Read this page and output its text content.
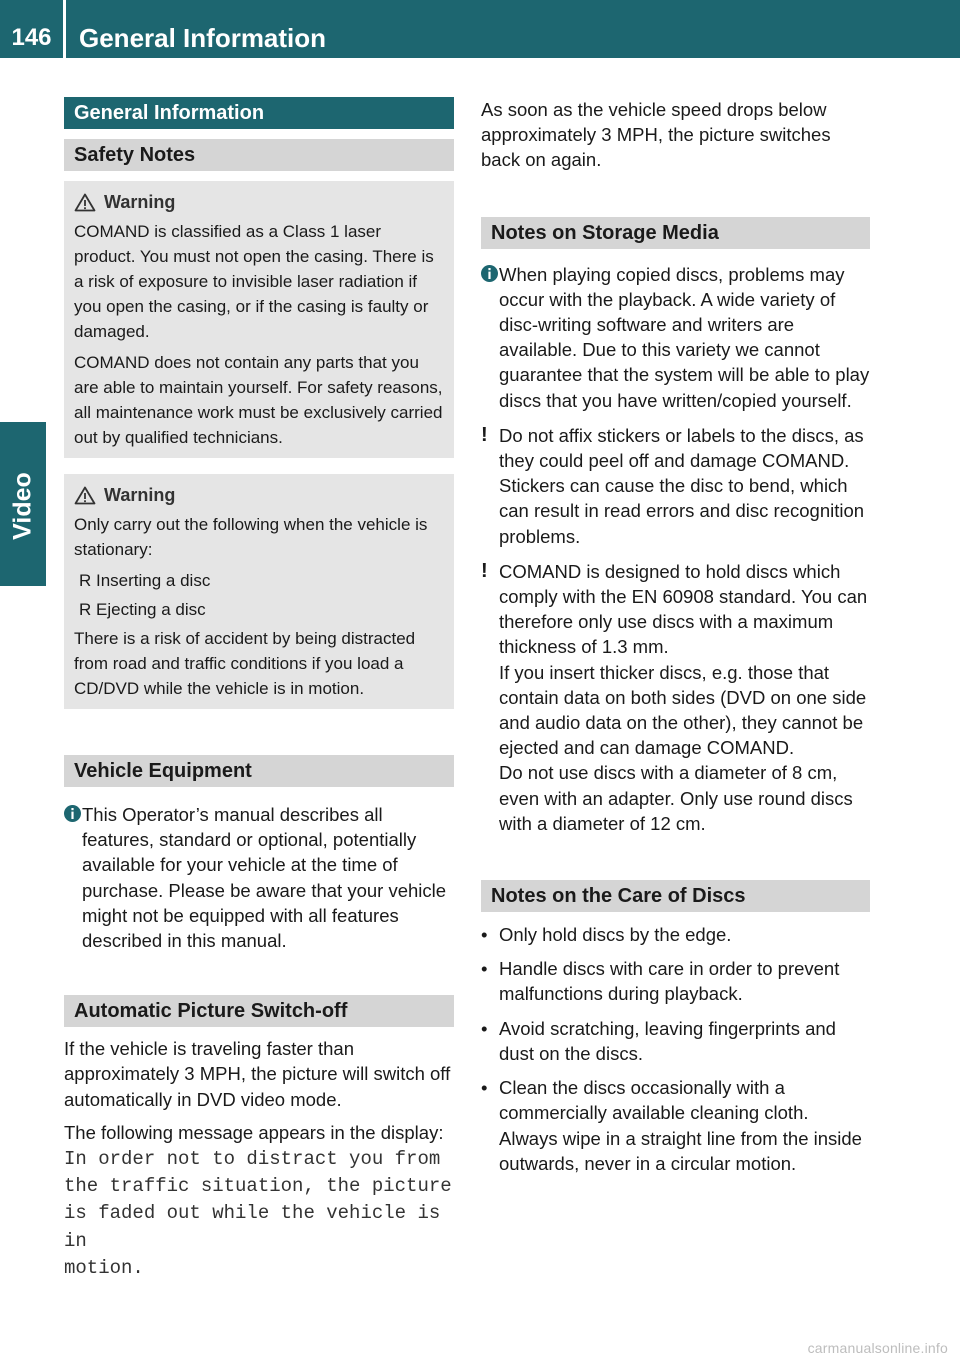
146	General Information
Video
General Information
Safety Notes
Warning

COMAND is classified as a Class 1 laser product. You must not open the casing. There is a risk of exposure to invisible laser radiation if you open the casing, or if the casing is faulty or damaged.

COMAND does not contain any parts that you are able to maintain yourself. For safety reasons, all maintenance work must be exclusively carried out by qualified technicians.

Warning

Only carry out the following when the vehicle is stationary:

R Inserting a disc

R Ejecting a disc

There is a risk of accident by being distracted from road and traffic conditions if you load a CD/DVD while the vehicle is in motion.

Vehicle Equipment

This Operator’s manual describes all features, standard or optional, potentially available for your vehicle at the time of purchase. Please be aware that your vehicle might not be equipped with all features described in this manual.

Automatic Picture Switch-off

If the vehicle is traveling faster than approximately 3 MPH, the picture will switch off automatically in DVD video mode.

The following message appears in the display:
In order not to distract you from
the traffic situation, the picture
is faded out while the vehicle is in
motion.

As soon as the vehicle speed drops below approximately 3 MPH, the picture switches back on again.

Notes on Storage Media

When playing copied discs, problems may occur with the playback. A wide variety of disc-writing software and writers are available. Due to this variety we cannot guarantee that the system will be able to play discs that you have written/copied yourself.

! Do not affix stickers or labels to the discs, as they could peel off and damage COMAND. Stickers can cause the disc to bend, which can result in read errors and disc recognition problems.

! COMAND is designed to hold discs which comply with the EN 60908 standard. You can therefore only use discs with a maximum thickness of 1.3 mm.

If you insert thicker discs, e.g. those that contain data on both sides (DVD on one side and audio data on the other), they cannot be ejected and can damage COMAND.

Do not use discs with a diameter of 8 cm, even with an adapter. Only use round discs with a diameter of 12 cm.

Notes on the Care of Discs
• Only hold discs by the edge.
• Handle discs with care in order to prevent malfunctions during playback.
• Avoid scratching, leaving fingerprints and dust on the discs.
• Clean the discs occasionally with a commercially available cleaning cloth. Always wipe in a straight line from the inside outwards, never in a circular motion.
carmanualsonline.info
